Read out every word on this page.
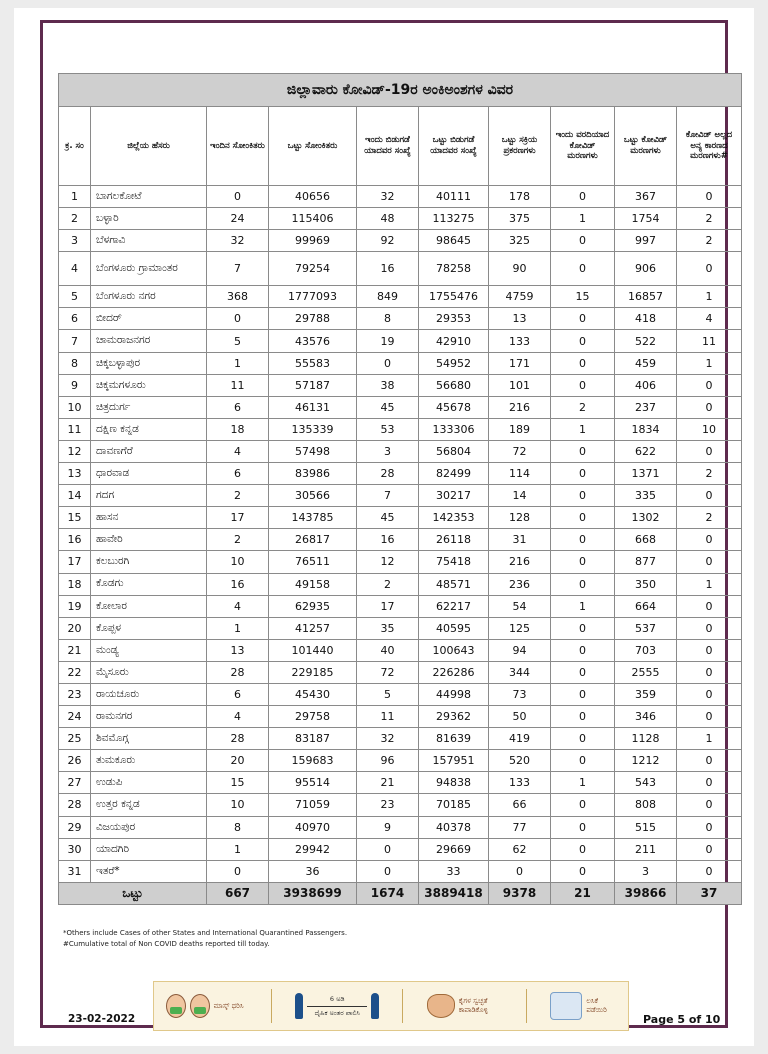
ಜಿಲ್ಲಾವಾರು ಕೋವಿಡ್-19ರ ಅಂಕಿಅಂಶಗಳ ವಿವರ									
ಕ್ರ. ಸಂ	ಜಿಲ್ಲೆಯ ಹೆಸರು	ಇಂದಿನ ಸೋಂಕಿತರು	ಒಟ್ಟು ಸೋಂಕಿತರು	ಇಂದು ಬಿಡುಗಡೆ ಯಾದವರ ಸಂಖ್ಯೆ	ಒಟ್ಟು ಬಿಡುಗಡೆ ಯಾದವರ ಸಂಖ್ಯೆ	ಒಟ್ಟು ಸಕ್ರಿಯ ಪ್ರಕರಣಗಳು	ಇಂದು ವರದಿಯಾದ ಕೋವಿಡ್ ಮರಣಗಳು	ಒಟ್ಟು ಕೋವಿಡ್ ಮರಣಗಳು	ಕೋವಿಡ್ ಅಲ್ಲದ ಅನ್ಯ ಕಾರಣದ ಮರಣಗಳು#
1	ಬಾಗಲಕೋಟೆ	0	40656	32	40111	178	0	367	0
2	ಬಳ್ಳಾರಿ	24	115406	48	113275	375	1	1754	2
3	ಬೆಳಗಾವಿ	32	99969	92	98645	325	0	997	2
4	ಬೆಂಗಳೂರು ಗ್ರಾಮಾಂತರ	7	79254	16	78258	90	0	906	0
5	ಬೆಂಗಳೂರು ನಗರ	368	1777093	849	1755476	4759	15	16857	1
6	ಬೀದರ್	0	29788	8	29353	13	0	418	4
7	ಚಾಮರಾಜನಗರ	5	43576	19	42910	133	0	522	11
8	ಚಿಕ್ಕಬಳ್ಳಾಪುರ	1	55583	0	54952	171	0	459	1
9	ಚಿಕ್ಕಮಗಳೂರು	11	57187	38	56680	101	0	406	0
10	ಚಿತ್ರದುರ್ಗ	6	46131	45	45678	216	2	237	0
11	ದಕ್ಷಿಣ ಕನ್ನಡ	18	135339	53	133306	189	1	1834	10
12	ದಾವಣಗೆರೆ	4	57498	3	56804	72	0	622	0
13	ಧಾರವಾಡ	6	83986	28	82499	114	0	1371	2
14	ಗದಗ	2	30566	7	30217	14	0	335	0
15	ಹಾಸನ	17	143785	45	142353	128	0	1302	2
16	ಹಾವೇರಿ	2	26817	16	26118	31	0	668	0
17	ಕಲಬುರಗಿ	10	76511	12	75418	216	0	877	0
18	ಕೊಡಗು	16	49158	2	48571	236	0	350	1
19	ಕೋಲಾರ	4	62935	17	62217	54	1	664	0
20	ಕೊಪ್ಪಳ	1	41257	35	40595	125	0	537	0
21	ಮಂಡ್ಯ	13	101440	40	100643	94	0	703	0
22	ಮೈಸೂರು	28	229185	72	226286	344	0	2555	0
23	ರಾಯಚೂರು	6	45430	5	44998	73	0	359	0
24	ರಾಮನಗರ	4	29758	11	29362	50	0	346	0
25	ಶಿವಮೊಗ್ಗ	28	83187	32	81639	419	0	1128	1
26	ತುಮಕೂರು	20	159683	96	157951	520	0	1212	0
27	ಉಡುಪಿ	15	95514	21	94838	133	1	543	0
28	ಉತ್ತರ ಕನ್ನಡ	10	71059	23	70185	66	0	808	0
29	ವಿಜಯಪುರ	8	40970	9	40378	77	0	515	0
30	ಯಾದಗಿರಿ	1	29942	0	29669	62	0	211	0
31	ಇತರೆ*	0	36	0	33	0	0	3	0
ಒಟ್ಟು		667	3938699	1674	3889418	9378	21	39866	37
*Others include Cases of other States and International Quarantined Passengers.
#Cumulative total of Non COVID deaths reported till today.
ಮಾಸ್ಕ್ ಧರಿಸಿ
6 ಅಡಿ
ದೈಹಿಕ ಅಂತರ ಪಾಲಿಸಿ
ಕೈಗಳ ಸ್ವಚ್ಛತೆ ಕಾಪಾಡಿಕೊಳ್ಳಿ
ಲಸಿಕೆ ಪಡೆಯಿರಿ
23-02-2022	Page 5 of 10
